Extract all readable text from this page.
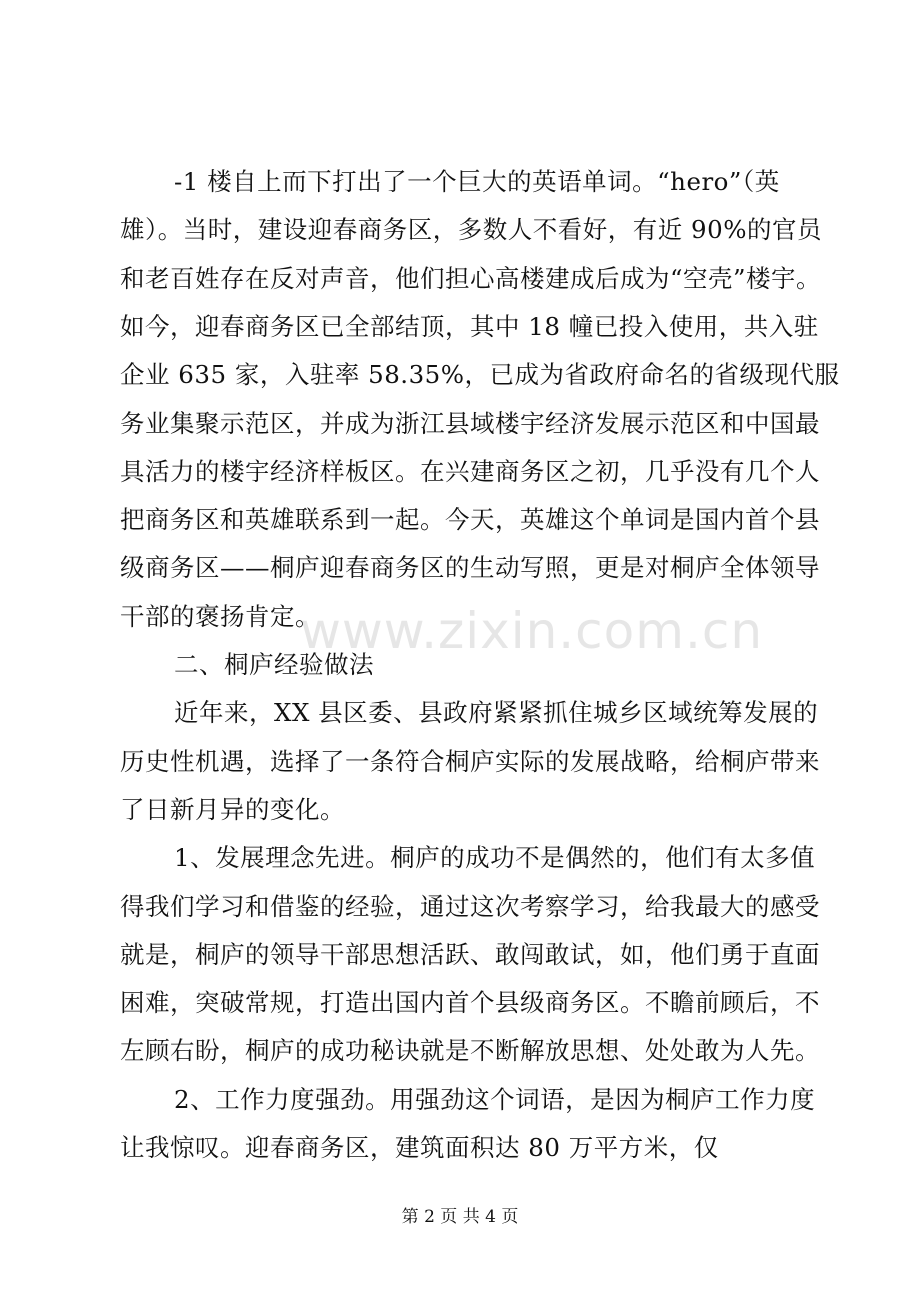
www.zixin.com.cn
-1 楼自上而下打出了一个巨大的英语单词。“hero”（英
雄）。当时，建设迎春商务区，多数人不看好，有近 90%的官员
和老百姓存在反对声音，他们担心高楼建成后成为“空壳”楼宇。
如今，迎春商务区已全部结顶，其中 18 幢已投入使用，共入驻
企业 635 家，入驻率 58.35%，已成为省政府命名的省级现代服
务业集聚示范区，并成为浙江县域楼宇经济发展示范区和中国最
具活力的楼宇经济样板区。在兴建商务区之初，几乎没有几个人
把商务区和英雄联系到一起。今天，英雄这个单词是国内首个县
级商务区——桐庐迎春商务区的生动写照，更是对桐庐全体领导
干部的褒扬肯定。
二、桐庐经验做法
近年来，XX 县区委、县政府紧紧抓住城乡区域统筹发展的
历史性机遇，选择了一条符合桐庐实际的发展战略，给桐庐带来
了日新月异的变化。
1、发展理念先进。桐庐的成功不是偶然的，他们有太多值
得我们学习和借鉴的经验，通过这次考察学习，给我最大的感受
就是，桐庐的领导干部思想活跃、敢闯敢试，如，他们勇于直面
困难，突破常规，打造出国内首个县级商务区。不瞻前顾后，不
左顾右盼，桐庐的成功秘诀就是不断解放思想、处处敢为人先。
2、工作力度强劲。用强劲这个词语，是因为桐庐工作力度
让我惊叹。迎春商务区，建筑面积达 80 万平方米，仅
第 2 页 共 4 页
